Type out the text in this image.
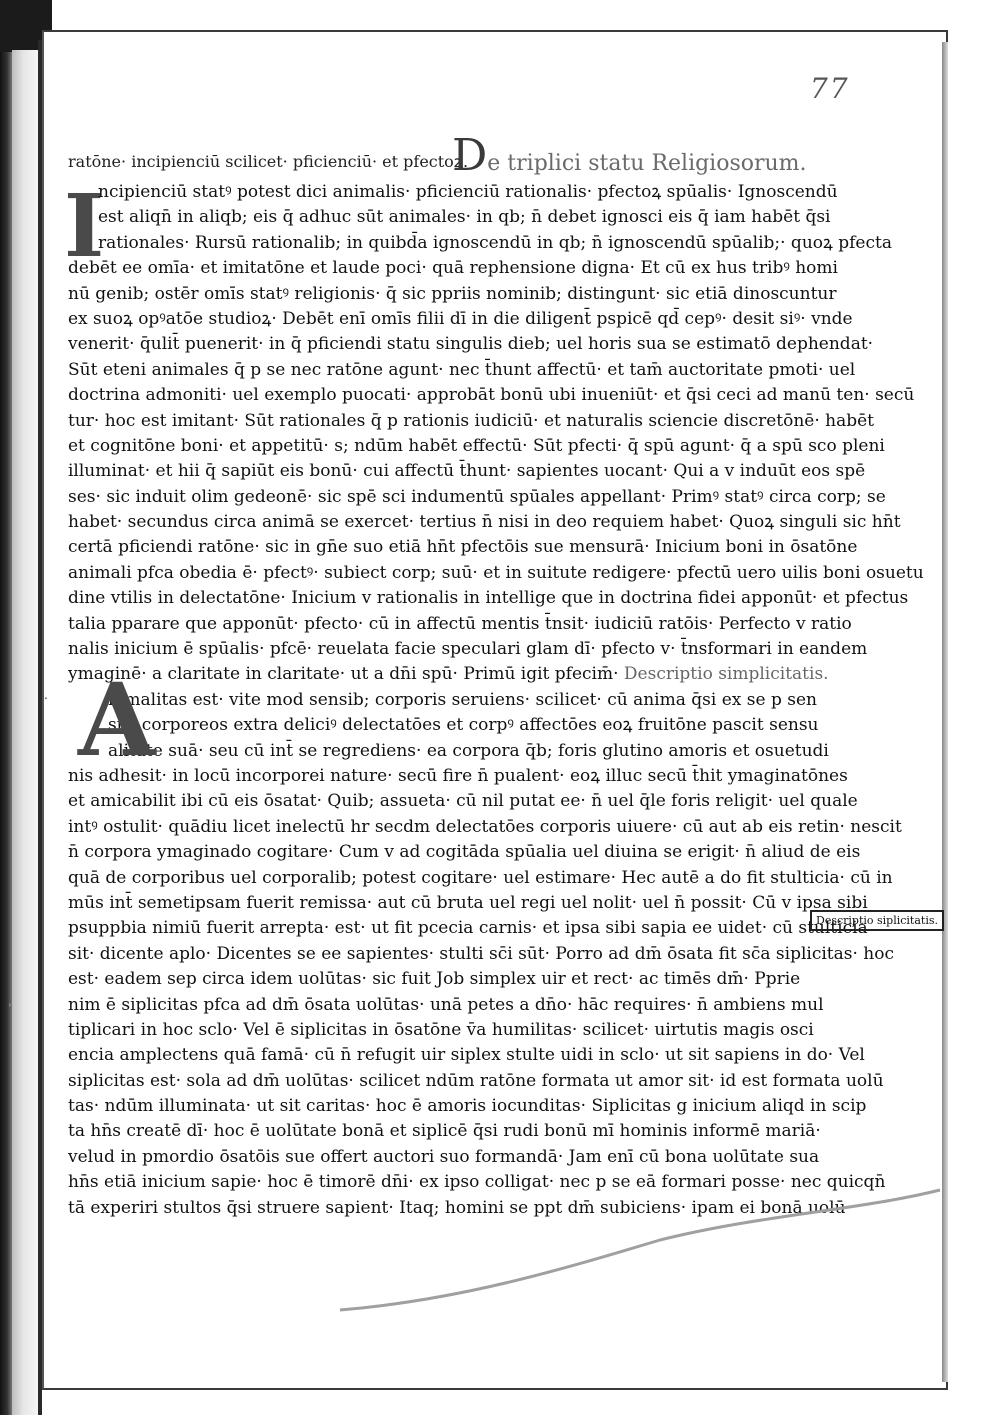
77
ratōne· incipienciū scilicet· pficienciū· et pfectoꝝ.
De triplici statu Religiosorum.
I
ncipienciū statꝰ potest dici animalis· pficienciū rationalis· pfectoꝝ spūalis· Ignoscendū
est aliqn̄ in aliqb; eis q̄ adhuc sūt animales· in qb; n̄ debet ignosci eis q̄ iam habēt q̄si
rationales· Rursū rationalib; in quibd̄a ignoscendū in qb; n̄ ignoscendū spūalib;· quoꝝ pfecta
debēt ee omīa· et imitatōne et laude poci· quā rephensione digna· Et cū ex hus tribꝰ homi
nū genib; ostēr omīs statꝰ religionis· q̄ sic ppriis nominib; distingunt· sic etiā dinoscuntur
ex suoꝝ opꝰatōe studioꝝ· Debēt enī omīs filii dī in die diligent̄ pspicē qd̄ cepꝰ· desit siꝰ· vnde
venerit· q̄ulit̄ puenerit· in q̄ pficiendi statu singulis dieb; uel horis sua se estimatō dephendat·
Sūt eteni animales q̄ p se nec ratōne agunt· nec t̄hunt affectū· et tam̄ auctoritate pmoti· uel
doctrina admoniti· uel exemplo puocati· approbāt bonū ubi inueniūt· et q̄si ceci ad manū ten· secū
tur· hoc est imitant· Sūt rationales q̄ p rationis iudiciū· et naturalis sciencie discretōnē· habēt
et cognitōne boni· et appetitū· s; ndūm habēt effectū· Sūt pfecti· q̄ spū agunt· q̄ a spū sco pleni
illuminat· et hii q̄ sapiūt eis bonū· cui affectū t̄hunt· sapientes uocant· Qui a v induūt eos spē
ses· sic induit olim gedeonē· sic spē sci indumentū spūales appellant· Primꝰ statꝰ circa corp; se
habet· secundus circa animā se exercet· tertius n̄ nisi in deo requiem habet· Quoꝝ singuli sic hn̄t
certā pficiendi ratōne· sic in gn̄e suo etiā hn̄t pfectōis sue mensurā· Inicium boni in ōsatōne
animali pfca obedia ē· pfectꝰ· subiect corp; suū· et in suitute redigere· pfectū uero uilis boni osuetu
dine vtilis in delectatōne· Inicium v rationalis in intellige que in doctrina fidei apponūt· et pfectus
talia pparare que apponūt· pfecto· cū in affectū mentis t̄nsit· iudiciū ratōis· Perfecto v ratio
nalis inicium ē spūalis· pfcē· reuelata facie speculari glam dī· pfecto v· t̄nsformari in eandem
ymaginē· a claritate in claritate· ut a dn̄i spū· Primū igit pfecim̄· Descriptio simplicitatis.
nimalitas est· vite mod sensib; corporis seruiens· scilicet· cū anima q̄si ex se p sen
sus corporeos extra deliciꝰ delectatōes et corpꝰ affectōes eoꝝ fruitōne pascit sensu
alitate suā· seu cū int̄ se regrediens· ea corpora q̄b; foris glutino amoris et osuetudi
nis adhesit· in locū incorporei nature· secū fire n̄ pualent· eoꝝ illuc secū t̄hit ymaginatōnes
et amicabilit ibi cū eis ōsatat· Quib; assueta· cū nil putat ee· n̄ uel q̄le foris religit· uel quale
intꝰ ostulit· quādiu licet inelectū hr secdm delectatōes corporis uiuere· cū aut ab eis retin· nescit
n̄ corpora ymaginado cogitare· Cum v ad cogitāda spūalia uel diuina se erigit· n̄ aliud de eis
quā de corporibus uel corporalib; potest cogitare· uel estimare· Hec autē a do fit stulticia· cū in
mūs int̄ semetipsam fuerit remissa· aut cū bruta uel regi uel nolit· uel n̄ possit· Cū v ipsa sibi
psuppbia nimiū fuerit arrepta· est· ut fit pcecia carnis· et ipsa sibi sapia ee uidet· cū stulticia
sit· dicente aplo· Dicentes se ee sapientes· stulti sc̄i sūt· Porro ad dm̄ ōsata fit sc̄a siplicitas· hoc
est· eadem sep circa idem uolūtas· sic fuit Job simplex uir et rect· ac timēs dm̄· Pprie
nim ē siplicitas pfca ad dm̄ ōsata uolūtas· unā petes a dn̄o· hāc requires· n̄ ambiens mul
tiplicari in hoc sclo· Vel ē siplicitas in ōsatōne v̄a humilitas· scilicet· uirtutis magis osci
encia amplectens quā famā· cū n̄ refugit uir siplex stulte uidi in sclo· ut sit sapiens in do· Vel
siplicitas est· sola ad dm̄ uolūtas· scilicet ndūm ratōne formata ut amor sit· id est formata uolū
tas· ndūm illuminata· ut sit caritas· hoc ē amoris iocunditas· Siplicitas g inicium aliqd in scip
ta hn̄s creatē dī· hoc ē uolūtate bonā et siplicē q̄si rudi bonū mī hominis informē mariā·
velud in pmordio ōsatōis sue offert auctori suo formandā· Jam enī cū bona uolūtate sua
hn̄s etiā inicium sapie· hoc ē timorē dn̄i· ex ipso colligat· nec p se eā formari posse· nec quicqn̄
tā experiri stultos q̄si struere sapient· Itaq; homini se ppt dm̄ subiciens· ipam ei bonā uolū
A
Descriptio siplicitatis.
.
,
